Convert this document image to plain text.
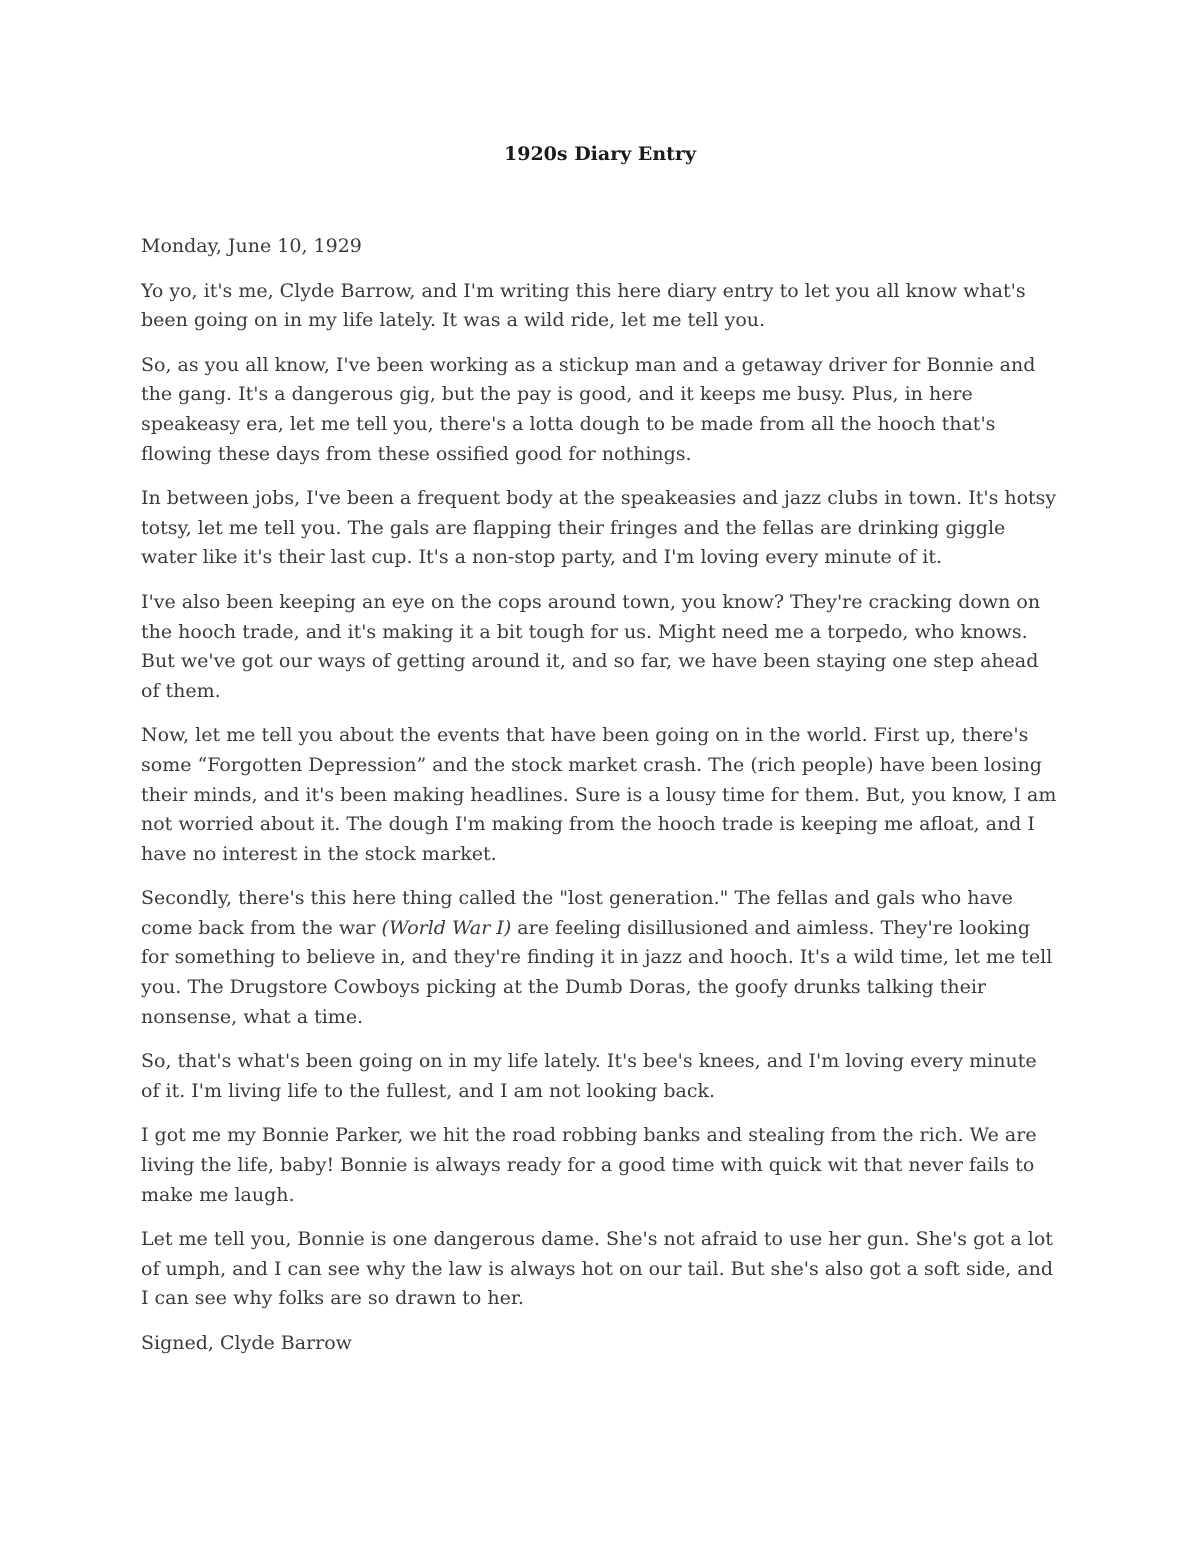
1920s Diary Entry

Monday, June 10, 1929

Yo yo, it's me, Clyde Barrow, and I'm writing this here diary entry to let you all know what's been going on in my life lately. It was a wild ride, let me tell you.

So, as you all know, I've been working as a stickup man and a getaway driver for Bonnie and the gang. It's a dangerous gig, but the pay is good, and it keeps me busy. Plus, in here speakeasy era, let me tell you, there's a lotta dough to be made from all the hooch that's flowing these days from these ossified good for nothings.

In between jobs, I've been a frequent body at the speakeasies and jazz clubs in town. It's hotsy totsy, let me tell you. The gals are flapping their fringes and the fellas are drinking giggle water like it's their last cup. It's a non-stop party, and I'm loving every minute of it.

I've also been keeping an eye on the cops around town, you know? They're cracking down on the hooch trade, and it's making it a bit tough for us. Might need me a torpedo, who knows. But we've got our ways of getting around it, and so far, we have been staying one step ahead of them.

Now, let me tell you about the events that have been going on in the world. First up, there's some “Forgotten Depression” and the stock market crash. The (rich people) have been losing their minds, and it's been making headlines. Sure is a lousy time for them. But, you know, I am not worried about it. The dough I'm making from the hooch trade is keeping me afloat, and I have no interest in the stock market.

Secondly, there's this here thing called the "lost generation." The fellas and gals who have come back from the war (World War I) are feeling disillusioned and aimless. They're looking for something to believe in, and they're finding it in jazz and hooch. It's a wild time, let me tell you. The Drugstore Cowboys picking at the Dumb Doras, the goofy drunks talking their nonsense, what a time.

So, that's what's been going on in my life lately. It's bee's knees, and I'm loving every minute of it. I'm living life to the fullest, and I am not looking back.

I got me my Bonnie Parker, we hit the road robbing banks and stealing from the rich. We are living the life, baby! Bonnie is always ready for a good time with quick wit that never fails to make me laugh.

Let me tell you, Bonnie is one dangerous dame. She's not afraid to use her gun. She's got a lot of umph, and I can see why the law is always hot on our tail. But she's also got a soft side, and I can see why folks are so drawn to her.

Signed, Clyde Barrow
